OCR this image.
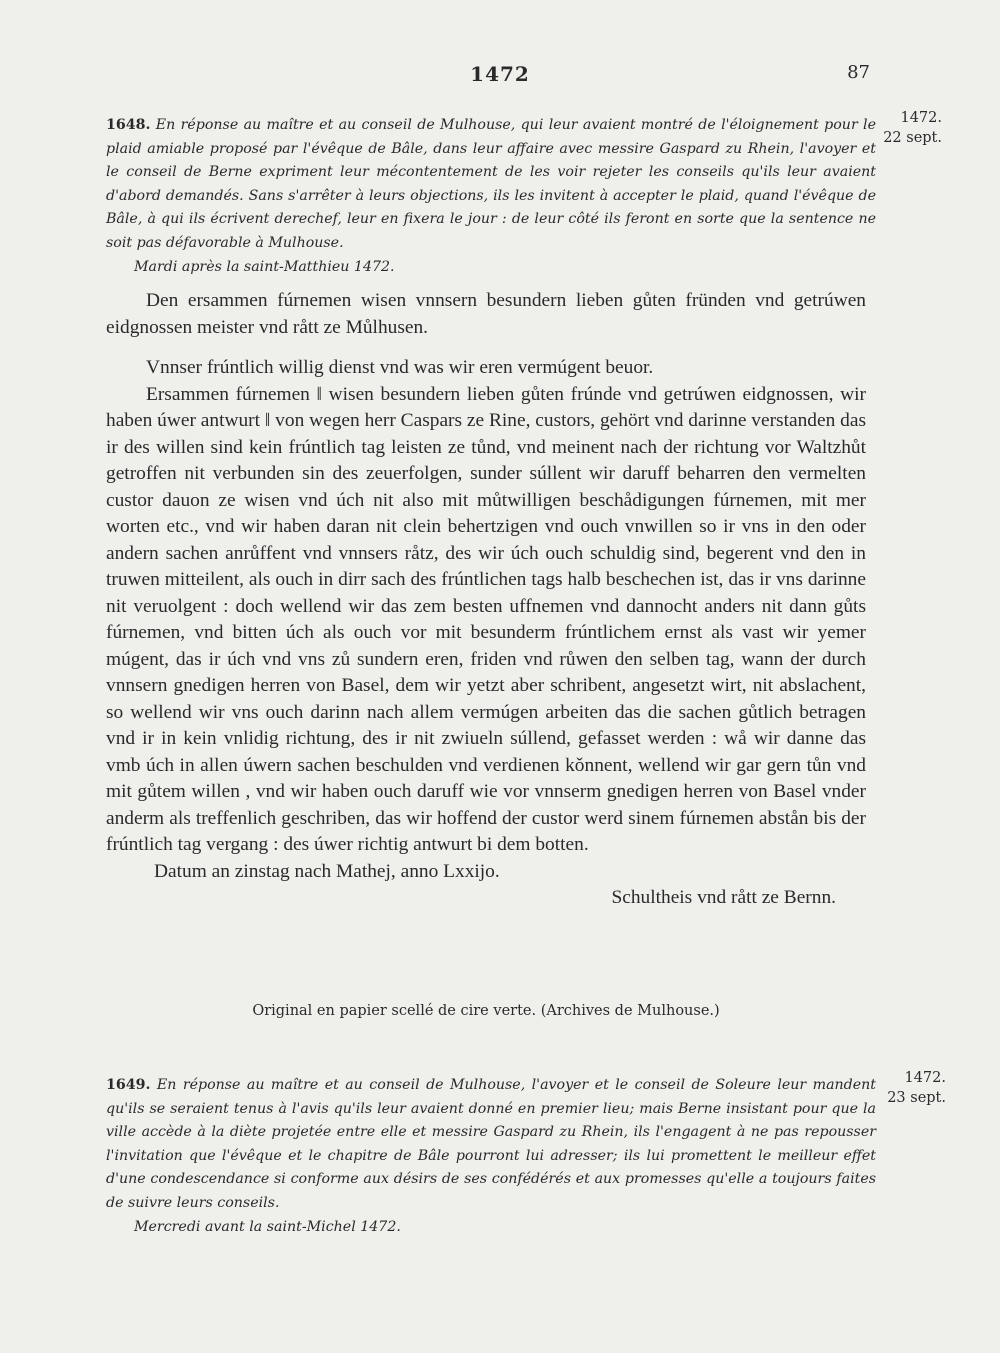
1472	87
1648. En réponse au maître et au conseil de Mulhouse, qui leur avaient montré de l'éloignement pour le plaid amiable proposé par l'évêque de Bâle, dans leur affaire avec messire Gaspard zu Rhein, l'avoyer et le conseil de Berne expriment leur mécontentement de les voir rejeter les conseils qu'ils leur avaient d'abord demandés. Sans s'arrêter à leurs objections, ils les invitent à accepter le plaid, quand l'évêque de Bâle, à qui ils écrivent derechef, leur en fixera le jour : de leur côté ils feront en sorte que la sentence ne soit pas défavorable à Mulhouse.
Mardi après la saint-Matthieu 1472.
1472.
22 sept.

Den ersammen fúrnemen wisen vnnsern besundern lieben gůten fründen vnd getrúwen eidgnossen meister vnd rått ze Můlhusen.

Vnnser frúntlich willig dienst vnd was wir eren vermúgent beuor.

Ersammen fúrnemen ‖ wisen besundern lieben gůten frúnde vnd getrúwen eidgnossen, wir haben úwer antwurt ‖ von wegen herr Caspars ze Rine, custors, gehört vnd darinne verstanden das ir des willen sind kein frúntlich tag leisten ze tůnd, vnd meinent nach der richtung vor Waltzhůt getroffen nit verbunden sin des zeuerfolgen, sunder súllent wir daruff beharren den vermelten custor dauon ze wisen vnd úch nit also mit můtwilligen beschådigungen fúrnemen, mit mer worten etc., vnd wir haben daran nit clein behertzigen vnd ouch vnwillen so ir vns in den oder andern sachen anrůffent vnd vnnsers råtz, des wir úch ouch schuldig sind, begerent vnd den in truwen mitteilent, als ouch in dirr sach des frúntlichen tags halb beschechen ist, das ir vns darinne nit veruolgent : doch wellend wir das zem besten uffnemen vnd dannocht anders nit dann gůts fúrnemen, vnd bitten úch als ouch vor mit besunderm frúntlichem ernst als vast wir yemer múgent, das ir úch vnd vns zů sundern eren, friden vnd růwen den selben tag, wann der durch vnnsern gnedigen herren von Basel, dem wir yetzt aber schribent, angesetzt wirt, nit abslachent, so wellend wir vns ouch darinn nach allem vermúgen arbeiten das die sachen gůtlich betragen vnd ir in kein vnlidig richtung, des ir nit zwiueln súllend, gefasset werden : wå wir danne das vmb úch in allen úwern sachen beschulden vnd verdienen kǒnnent, wellend wir gar gern tůn vnd mit gůtem willen , vnd wir haben ouch daruff wie vor vnnserm gnedigen herren von Basel vnder anderm als treffenlich geschriben, das wir hoffend der custor werd sinem fúrnemen abstån bis der frúntlich tag vergang : des úwer richtig antwurt bi dem botten.

Datum an zinstag nach Mathej, anno Lxxijo.

Schultheis vnd rått ze Bernn.

Original en papier scellé de cire verte. (Archives de Mulhouse.)
1649. En réponse au maître et au conseil de Mulhouse, l'avoyer et le conseil de Soleure leur mandent qu'ils se seraient tenus à l'avis qu'ils leur avaient donné en premier lieu; mais Berne insistant pour que la ville accède à la diète projetée entre elle et messire Gaspard zu Rhein, ils l'engagent à ne pas repousser l'invitation que l'évêque et le chapitre de Bâle pourront lui adresser; ils lui promettent le meilleur effet d'une condescendance si conforme aux désirs de ses confédérés et aux promesses qu'elle a toujours faites de suivre leurs conseils.
Mercredi avant la saint-Michel 1472.
1472.
23 sept.
